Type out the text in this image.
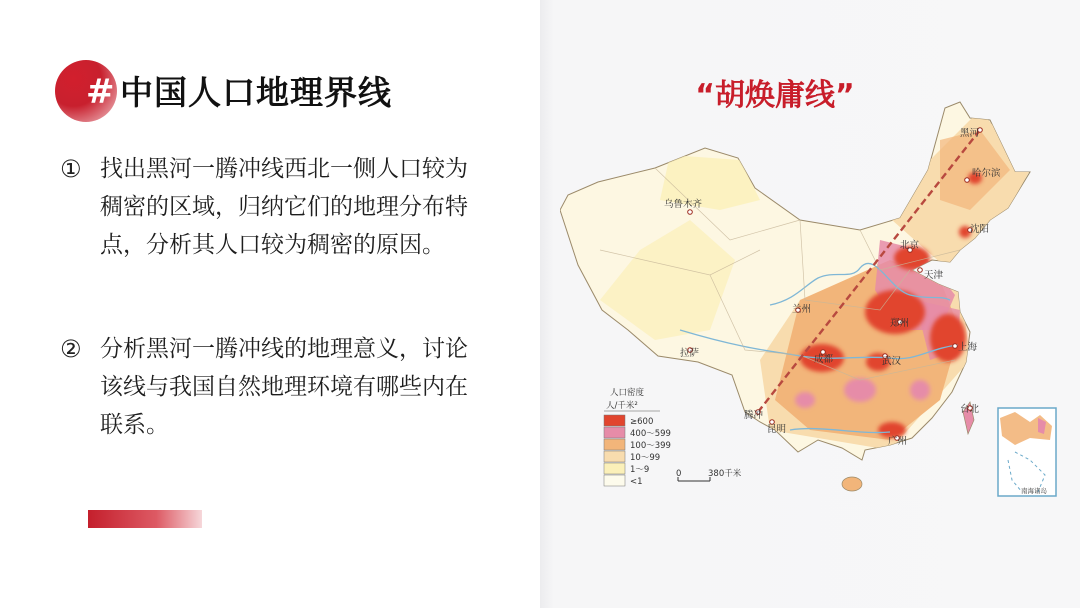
# 中国人口地理界线
① 找出黑河一腾冲线西北一侧人口较为稠密的区域，归纳它们的地理分布特点，分析其人口较为稠密的原因。
② 分析黑河一腾冲线的地理意义，讨论该线与我国自然地理环境有哪些内在联系。
“胡焕庸线”
黑河
哈尔滨
沈阳
北京
天津
乌鲁木齐
兰州
拉萨
成都	武汉
上海
郑州
腾冲
昆明
广州
台北
人口密度
人/千米²
≥600
400～599
100～399
10～99
1～9
<1
0	380千米
南海诸岛
